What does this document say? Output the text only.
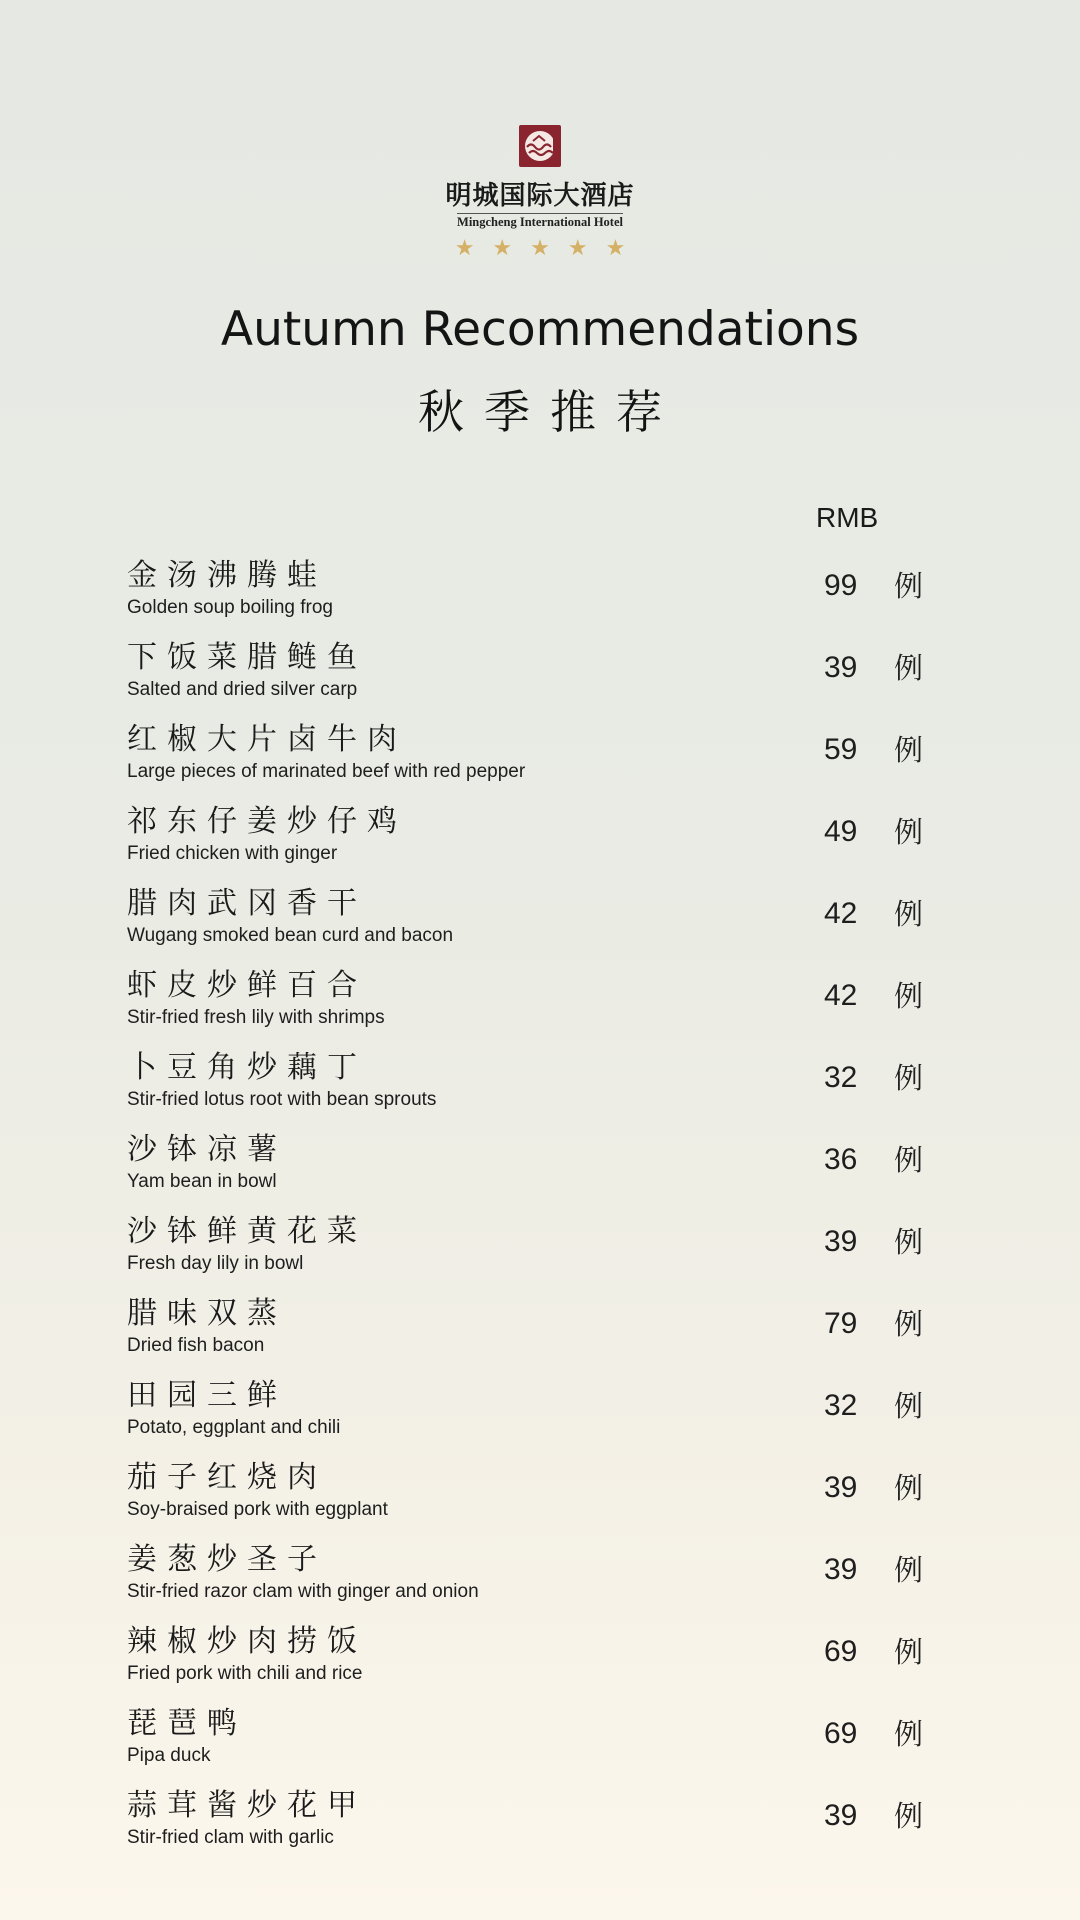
明城国际大酒店
Mingcheng International Hotel
★★★★★
Autumn Recommendations
秋季推荐
RMB
金汤沸腾蛙
Golden soup boiling frog
99 例
下饭菜腊鲢鱼
Salted and dried silver carp
39 例
红椒大片卤牛肉
Large pieces of marinated beef with red pepper
59 例
祁东仔姜炒仔鸡
Fried chicken with ginger
49 例
腊肉武冈香干
Wugang smoked bean curd and bacon
42 例
虾皮炒鲜百合
Stir-fried fresh lily with shrimps
42 例
卜豆角炒藕丁
Stir-fried lotus root with bean sprouts
32 例
沙钵凉薯
Yam bean in bowl
36 例
沙钵鲜黄花菜
Fresh day lily in bowl
39 例
腊味双蒸
Dried fish bacon
79 例
田园三鲜
Potato, eggplant and chili
32 例
茄子红烧肉
Soy-braised pork with eggplant
39 例
姜葱炒圣子
Stir-fried razor clam with ginger and onion
39 例
辣椒炒肉捞饭
Fried pork with chili and rice
69 例
琵琶鸭
Pipa duck
69 例
蒜茸酱炒花甲
Stir-fried clam with garlic
39 例
